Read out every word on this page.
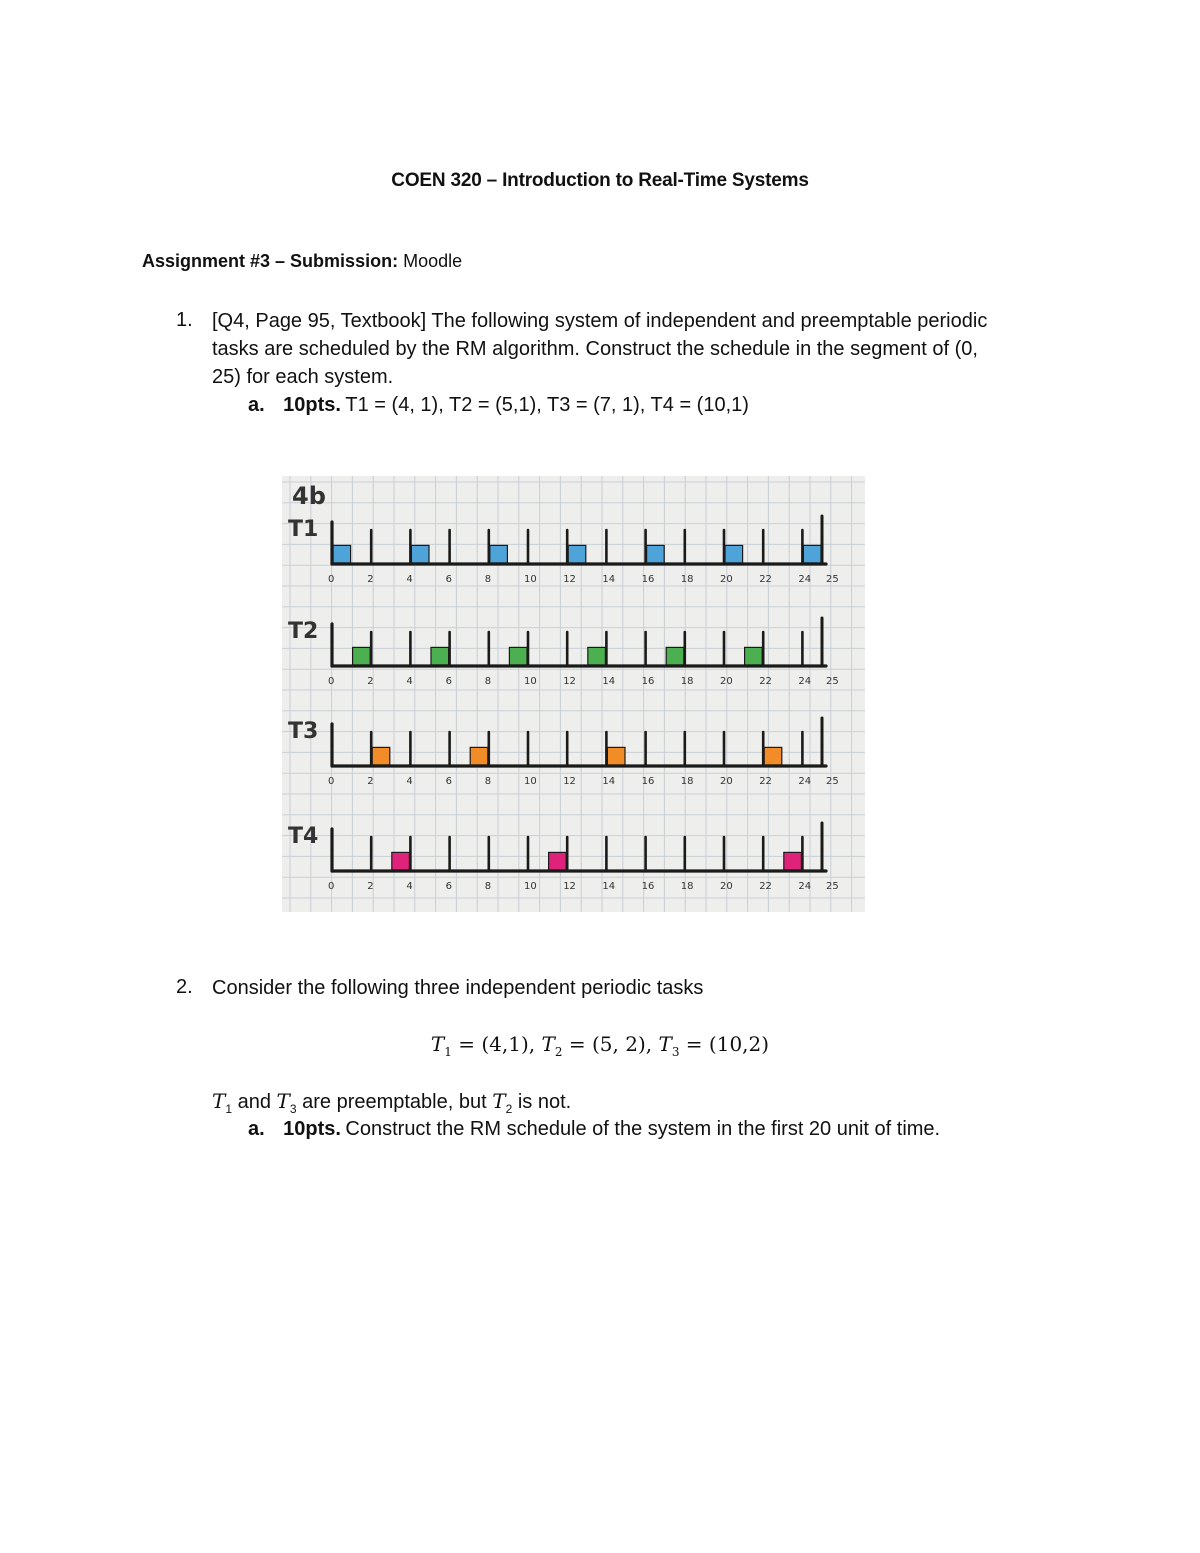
COEN 320 – Introduction to Real-Time Systems
Assignment #3 – Submission: Moodle
1. [Q4, Page 95, Textbook] The following system of independent and preemptable periodic
tasks are scheduled by the RM algorithm. Construct the schedule in the segment of (0,
25) for each system.
a. 10pts. T1 = (4, 1), T2 = (5,1), T3 = (7, 1), T4 = (10,1)
4b
T1
0	2	4	6	8	10	12	14	16	18	20	22	24 25
T2
0	2	4	6	8	10	12	14	16	18	20	22	24 25
T3
0	2	4	6	8	10	12	14	16	18	20	22	24 25
T4
0	2	4	6	8	10	12	14	16	18	20	22	24 25
2. Consider the following three independent periodic tasks
$T_1 = (4,1)$, $T_2 = (5$, 2), $T_3 = (10,2)$
$T_1$ and $T_3$ are preemptable, but $T_2$ is not.
a. 10pts. Construct the RM schedule of the system in the first 20 unit of time.
